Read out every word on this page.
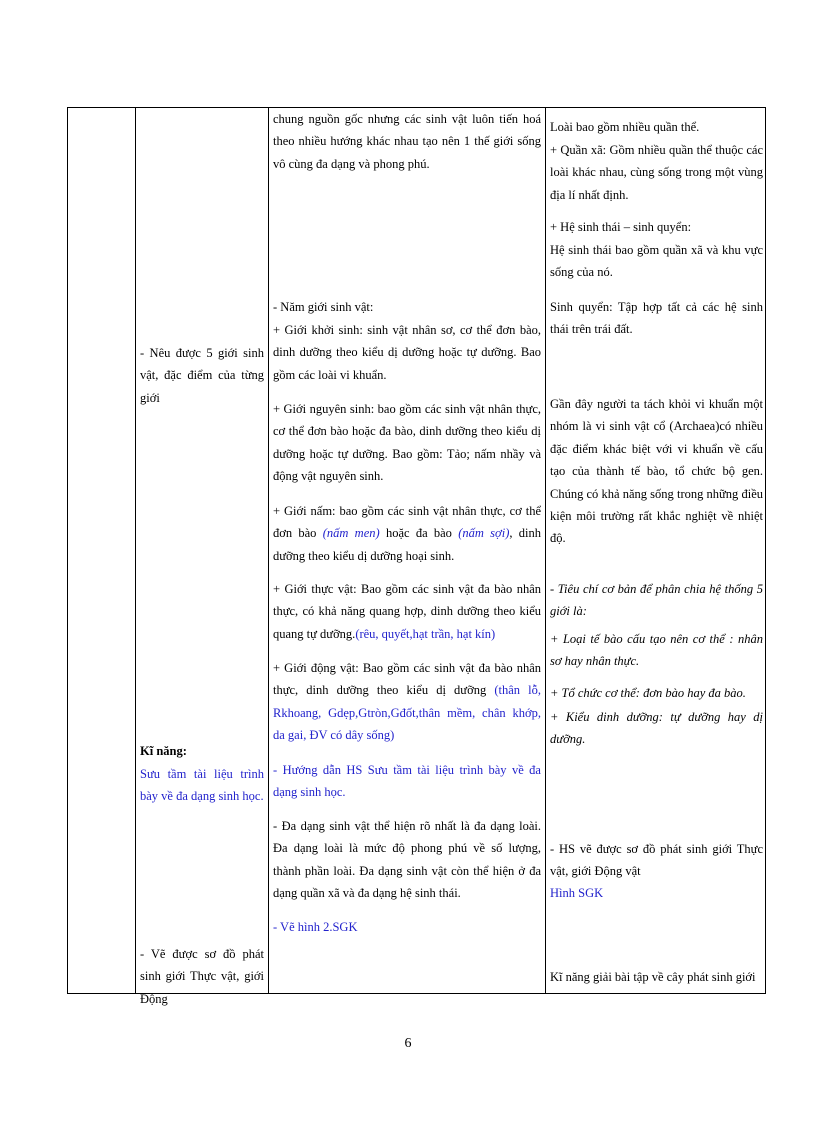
- Nêu được 5 giới sinh vật, đặc điểm của từng giới

Kĩ năng:

Sưu tầm tài liệu trình bày về đa dạng sinh học.

- Vẽ được sơ đồ phát sinh giới Thực vật, giới Động

chung nguồn gốc nhưng các sinh vật luôn tiến hoá theo nhiều hướng khác nhau tạo nên 1 thế giới sống vô cùng đa dạng và phong phú.

- Năm giới sinh vật:

+ Giới khởi sinh: sinh vật nhân sơ, cơ thể đơn bào, dinh dưỡng theo kiểu dị dưỡng hoặc tự dưỡng. Bao gồm các loài vi khuẩn.

+ Giới nguyên sinh: bao gồm các sinh vật nhân thực, cơ thể đơn bào hoặc đa bào, dinh dưỡng theo kiểu dị dưỡng hoặc tự dưỡng. Bao gồm: Tảo; nấm nhầy và động vật nguyên sinh.

+ Giới nấm: bao gồm các sinh vật nhân thực, cơ thể đơn bào (nấm men) hoặc đa bào (nấm sợi), dinh dưỡng theo kiểu dị dưỡng hoại sinh.

+ Giới thực vật: Bao gồm các sinh vật đa bào nhân thực, có khả năng quang hợp, dinh dưỡng theo kiểu quang tự dưỡng.(rêu, quyết,hạt trần, hạt kín)

+ Giới động vật: Bao gồm các sinh vật đa bào nhân thực, dinh dưỡng theo kiểu dị dưỡng (thân lỗ, Rkhoang, Gdẹp,Gtròn,Gđốt,thân mềm, chân khớp, da gai, ĐV có dây sống)

- Hướng dẫn HS Sưu tầm tài liệu trình bày về đa dạng sinh học.

- Đa dạng sinh vật thể hiện rõ nhất là đa dạng loài. Đa dạng loài là mức độ phong phú về số lượng, thành phần loài. Đa dạng sinh vật còn thể hiện ở đa dạng quần xã và đa dạng hệ sinh thái.

- Vẽ hình 2.SGK

Loài bao gồm nhiều quần thể.

+ Quần xã: Gồm nhiều quần thể thuộc các loài khác nhau, cùng sống trong một vùng địa lí nhất định.

+ Hệ sinh thái – sinh quyển:

Hệ sinh thái bao gồm quần xã và khu vực sống của nó.

Sinh quyển: Tập hợp tất cả các hệ sinh thái trên trái đất.

Gần đây người ta tách khỏi vi khuẩn một nhóm là vi sinh vật cổ (Archaea)có nhiều đặc điểm khác biệt với vi khuẩn về cấu tạo của thành tế bào, tổ chức bộ gen. Chúng có khả năng sống trong những điều kiện môi trường rất khắc nghiệt về nhiệt độ.

- Tiêu chí cơ bản để phân chia hệ thống 5 giới là:

+ Loại tế bào cấu tạo nên cơ thể : nhân sơ hay nhân thực.

+ Tổ chức cơ thể: đơn bào hay đa bào.

+ Kiểu dinh dưỡng: tự dưỡng hay dị dưỡng.

- HS vẽ được sơ đồ phát sinh giới Thực vật, giới Động vật

Hình SGK

Kĩ năng giải bài tập về cây phát sinh giới

6
